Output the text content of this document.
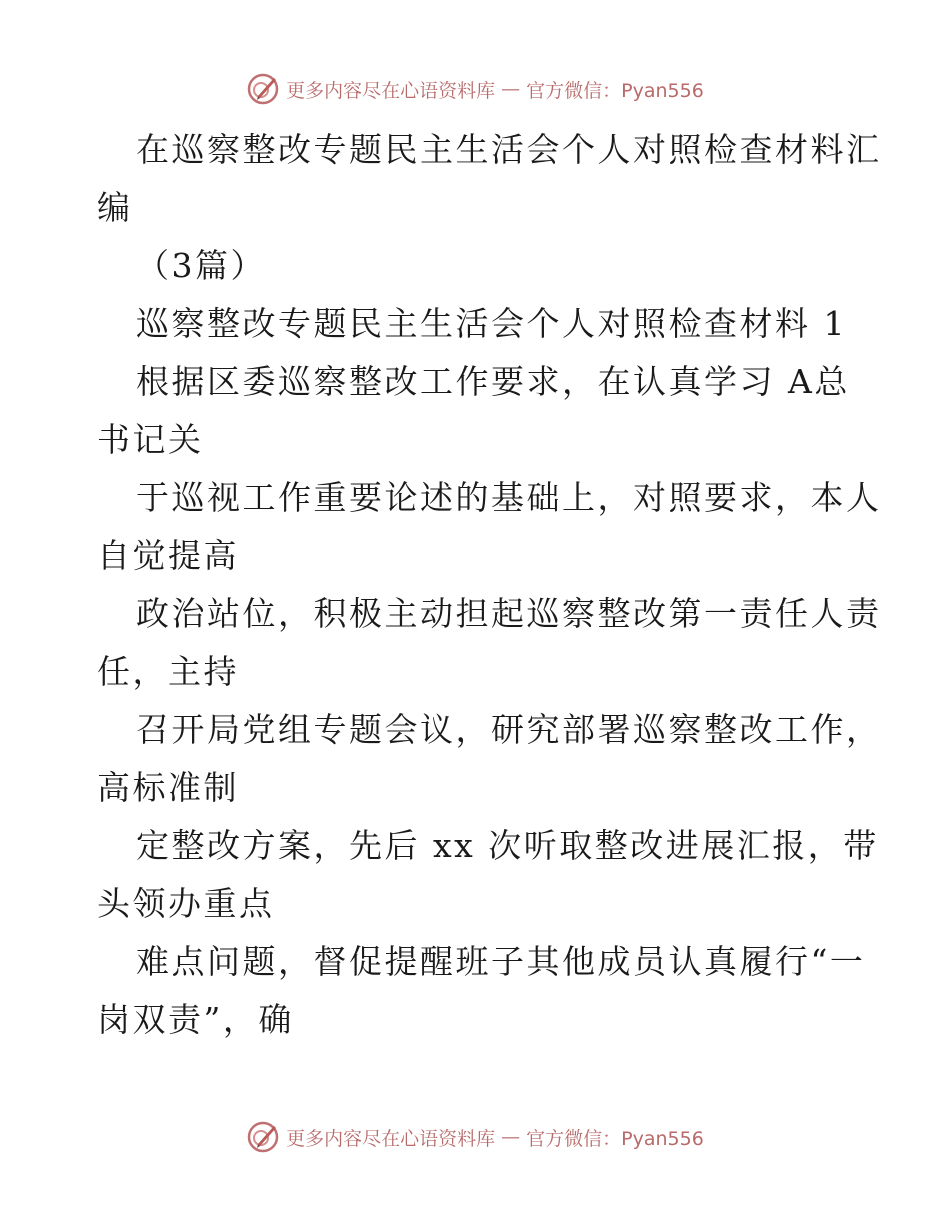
更多内容尽在心语资料库 — 官方微信：Pyan556
在巡察整改专题民主生活会个人对照检查材料汇
编
（3篇）
巡察整改专题民主生活会个人对照检查材料 1
根据区委巡察整改工作要求，在认真学习 A总
书记关
于巡视工作重要论述的基础上，对照要求，本人
自觉提高
政治站位，积极主动担起巡察整改第一责任人责
任，主持
召开局党组专题会议，研究部署巡察整改工作，
高标准制
定整改方案，先后 xx 次听取整改进展汇报，带
头领办重点
难点问题，督促提醒班子其他成员认真履行“一
岗双责”，确
更多内容尽在心语资料库 — 官方微信：Pyan556
